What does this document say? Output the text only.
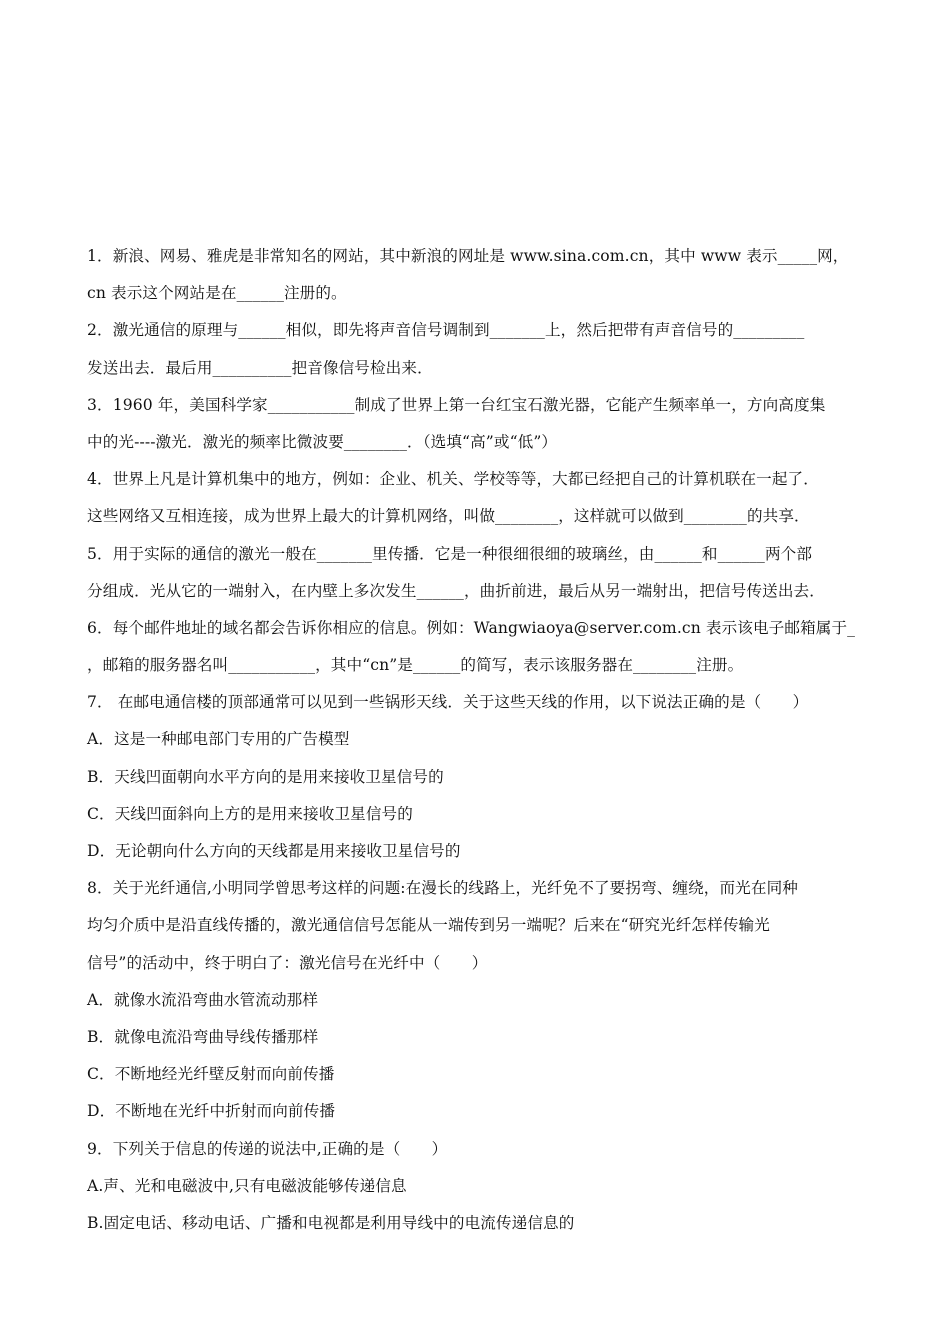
1．新浪、网易、雅虎是非常知名的网站，其中新浪的网址是 www.sina.com.cn，其中 www 表示_____网，
cn 表示这个网站是在______注册的。
2．激光通信的原理与______相似，即先将声音信号调制到_______上，然后把带有声音信号的_________
发送出去．最后用__________把音像信号检出来．
3．1960 年，美国科学家___________制成了世界上第一台红宝石激光器，它能产生频率单一，方向高度集
中的光----激光．激光的频率比微波要________．（选填“高”或“低”）
4．世界上凡是计算机集中的地方，例如：企业、机关、学校等等，大都已经把自己的计算机联在一起了．
这些网络又互相连接，成为世界上最大的计算机网络，叫做________，这样就可以做到________的共享．
5．用于实际的通信的激光一般在_______里传播．它是一种很细很细的玻璃丝，由______和______两个部
分组成．光从它的一端射入，在内壁上多次发生______，曲折前进，最后从另一端射出，把信号传送出去．
6．每个邮件地址的域名都会告诉你相应的信息。例如：Wangwiaoya@server.com.cn 表示该电子邮箱属于_
，邮箱的服务器名叫___________，其中“cn”是______的简写，表示该服务器在________注册。
7． 在邮电通信楼的顶部通常可以见到一些锅形天线．关于这些天线的作用，以下说法正确的是（　　）
A．这是一种邮电部门专用的广告模型
B．天线凹面朝向水平方向的是用来接收卫星信号的
C．天线凹面斜向上方的是用来接收卫星信号的
D．无论朝向什么方向的天线都是用来接收卫星信号的
8．关于光纤通信,小明同学曾思考这样的问题:在漫长的线路上，光纤免不了要拐弯、缠绕，而光在同种
均匀介质中是沿直线传播的，激光通信信号怎能从一端传到另一端呢？后来在“研究光纤怎样传输光
信号”的活动中，终于明白了：激光信号在光纤中（　　）
A．就像水流沿弯曲水管流动那样
B．就像电流沿弯曲导线传播那样
C．不断地经光纤壁反射而向前传播
D．不断地在光纤中折射而向前传播
9．下列关于信息的传递的说法中,正确的是（　　）
A.声、光和电磁波中,只有电磁波能够传递信息
B.固定电话、移动电话、广播和电视都是利用导线中的电流传递信息的
